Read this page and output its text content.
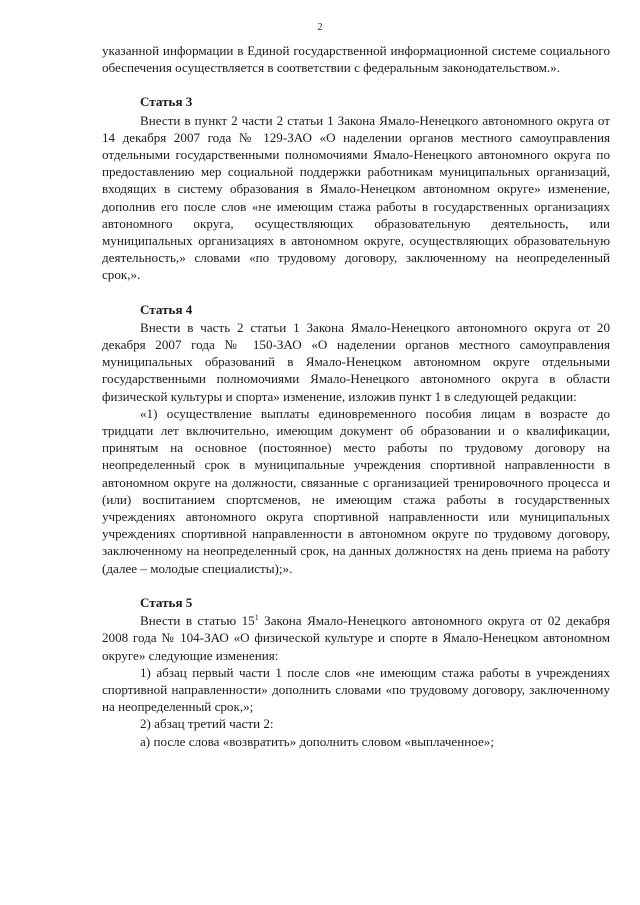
2

указанной информации в Единой государственной информационной системе социального обеспечения осуществляется в соответствии с федеральным законодательством.».

Статья 3

Внести в пункт 2 части 2 статьи 1 Закона Ямало-Ненецкого автономного округа от 14 декабря 2007 года № 129-ЗАО «О наделении органов местного самоуправления отдельными государственными полномочиями Ямало-Ненецкого автономного округа по предоставлению мер социальной поддержки работникам муниципальных организаций, входящих в систему образования в Ямало-Ненецком автономном округе» изменение, дополнив его после слов «не имеющим стажа работы в государственных организациях автономного округа, осуществляющих образовательную деятельность, или муниципальных организациях в автономном округе, осуществляющих образовательную деятельность,» словами «по трудовому договору, заключенному на неопределенный срок,».

Статья 4

Внести в часть 2 статьи 1 Закона Ямало-Ненецкого автономного округа от 20 декабря 2007 года № 150-ЗАО «О наделении органов местного самоуправления муниципальных образований в Ямало-Ненецком автономном округе отдельными государственными полномочиями Ямало-Ненецкого автономного округа в области физической культуры и спорта» изменение, изложив пункт 1 в следующей редакции:

«1) осуществление выплаты единовременного пособия лицам в возрасте до тридцати лет включительно, имеющим документ об образовании и о квалификации, принятым на основное (постоянное) место работы по трудовому договору на неопределенный срок в муниципальные учреждения спортивной направленности в автономном округе на должности, связанные с организацией тренировочного процесса и (или) воспитанием спортсменов, не имеющим стажа работы в государственных учреждениях автономного округа спортивной направленности или муниципальных учреждениях спортивной направленности в автономном округе по трудовому договору, заключенному на неопределенный срок, на данных должностях на день приема на работу (далее – молодые специалисты);».

Статья 5

Внести в статью $15^1$ Закона Ямало-Ненецкого автономного округа от 02 декабря 2008 года № 104-ЗАО «О физической культуре и спорте в Ямало-Ненецком автономном округе» следующие изменения:

1) абзац первый части 1 после слов «не имеющим стажа работы в учреждениях спортивной направленности» дополнить словами «по трудовому договору, заключенному на неопределенный срок,»;

2) абзац третий части 2:

а) после слова «возвратить» дополнить словом «выплаченное»;
